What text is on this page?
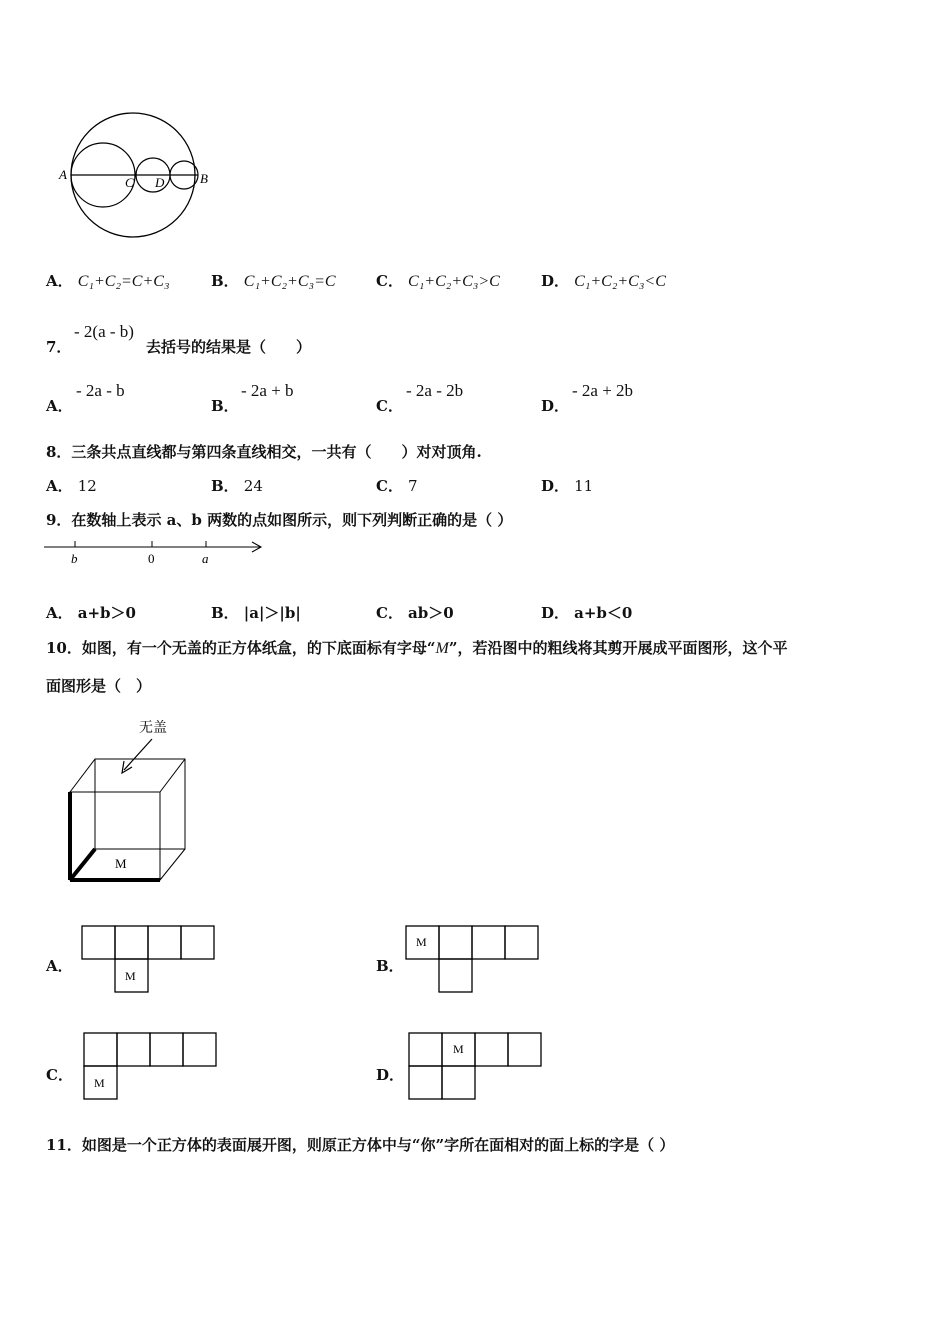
A
C D	B
A． C₁+C₂=C+C₃	B． C₁+C₂+C₃=C	C． C₁+C₂+C₃>C	D． C₁+C₂+C₃<C
7．
- 2(a - b)
去括号的结果是（　　）
A．
- 2a - b
B．
- 2a + b
C．
- 2a - 2b
D．
- 2a + 2b
8．三条共点直线都与第四条直线相交，一共有（　　）对对顶角.
A． 12	B． 24	C． 7	D． 11
9．在数轴上表示 a、b 两数的点如图所示，则下列判断正确的是（ ）
b	0	a
A． a+b＞0	B． |a|＞|b|	C． ab＞0	D． a+b＜0
10．如图，有一个无盖的正方体纸盒，的下底面标有字母“M”，若沿图中的粗线将其剪开展成平面图形，这个平
面图形是（　）
无盖
M
A．
M
B．
M
C． M	D．
M
11．如图是一个正方体的表面展开图，则原正方体中与“你”字所在面相对的面上标的字是（ ）
